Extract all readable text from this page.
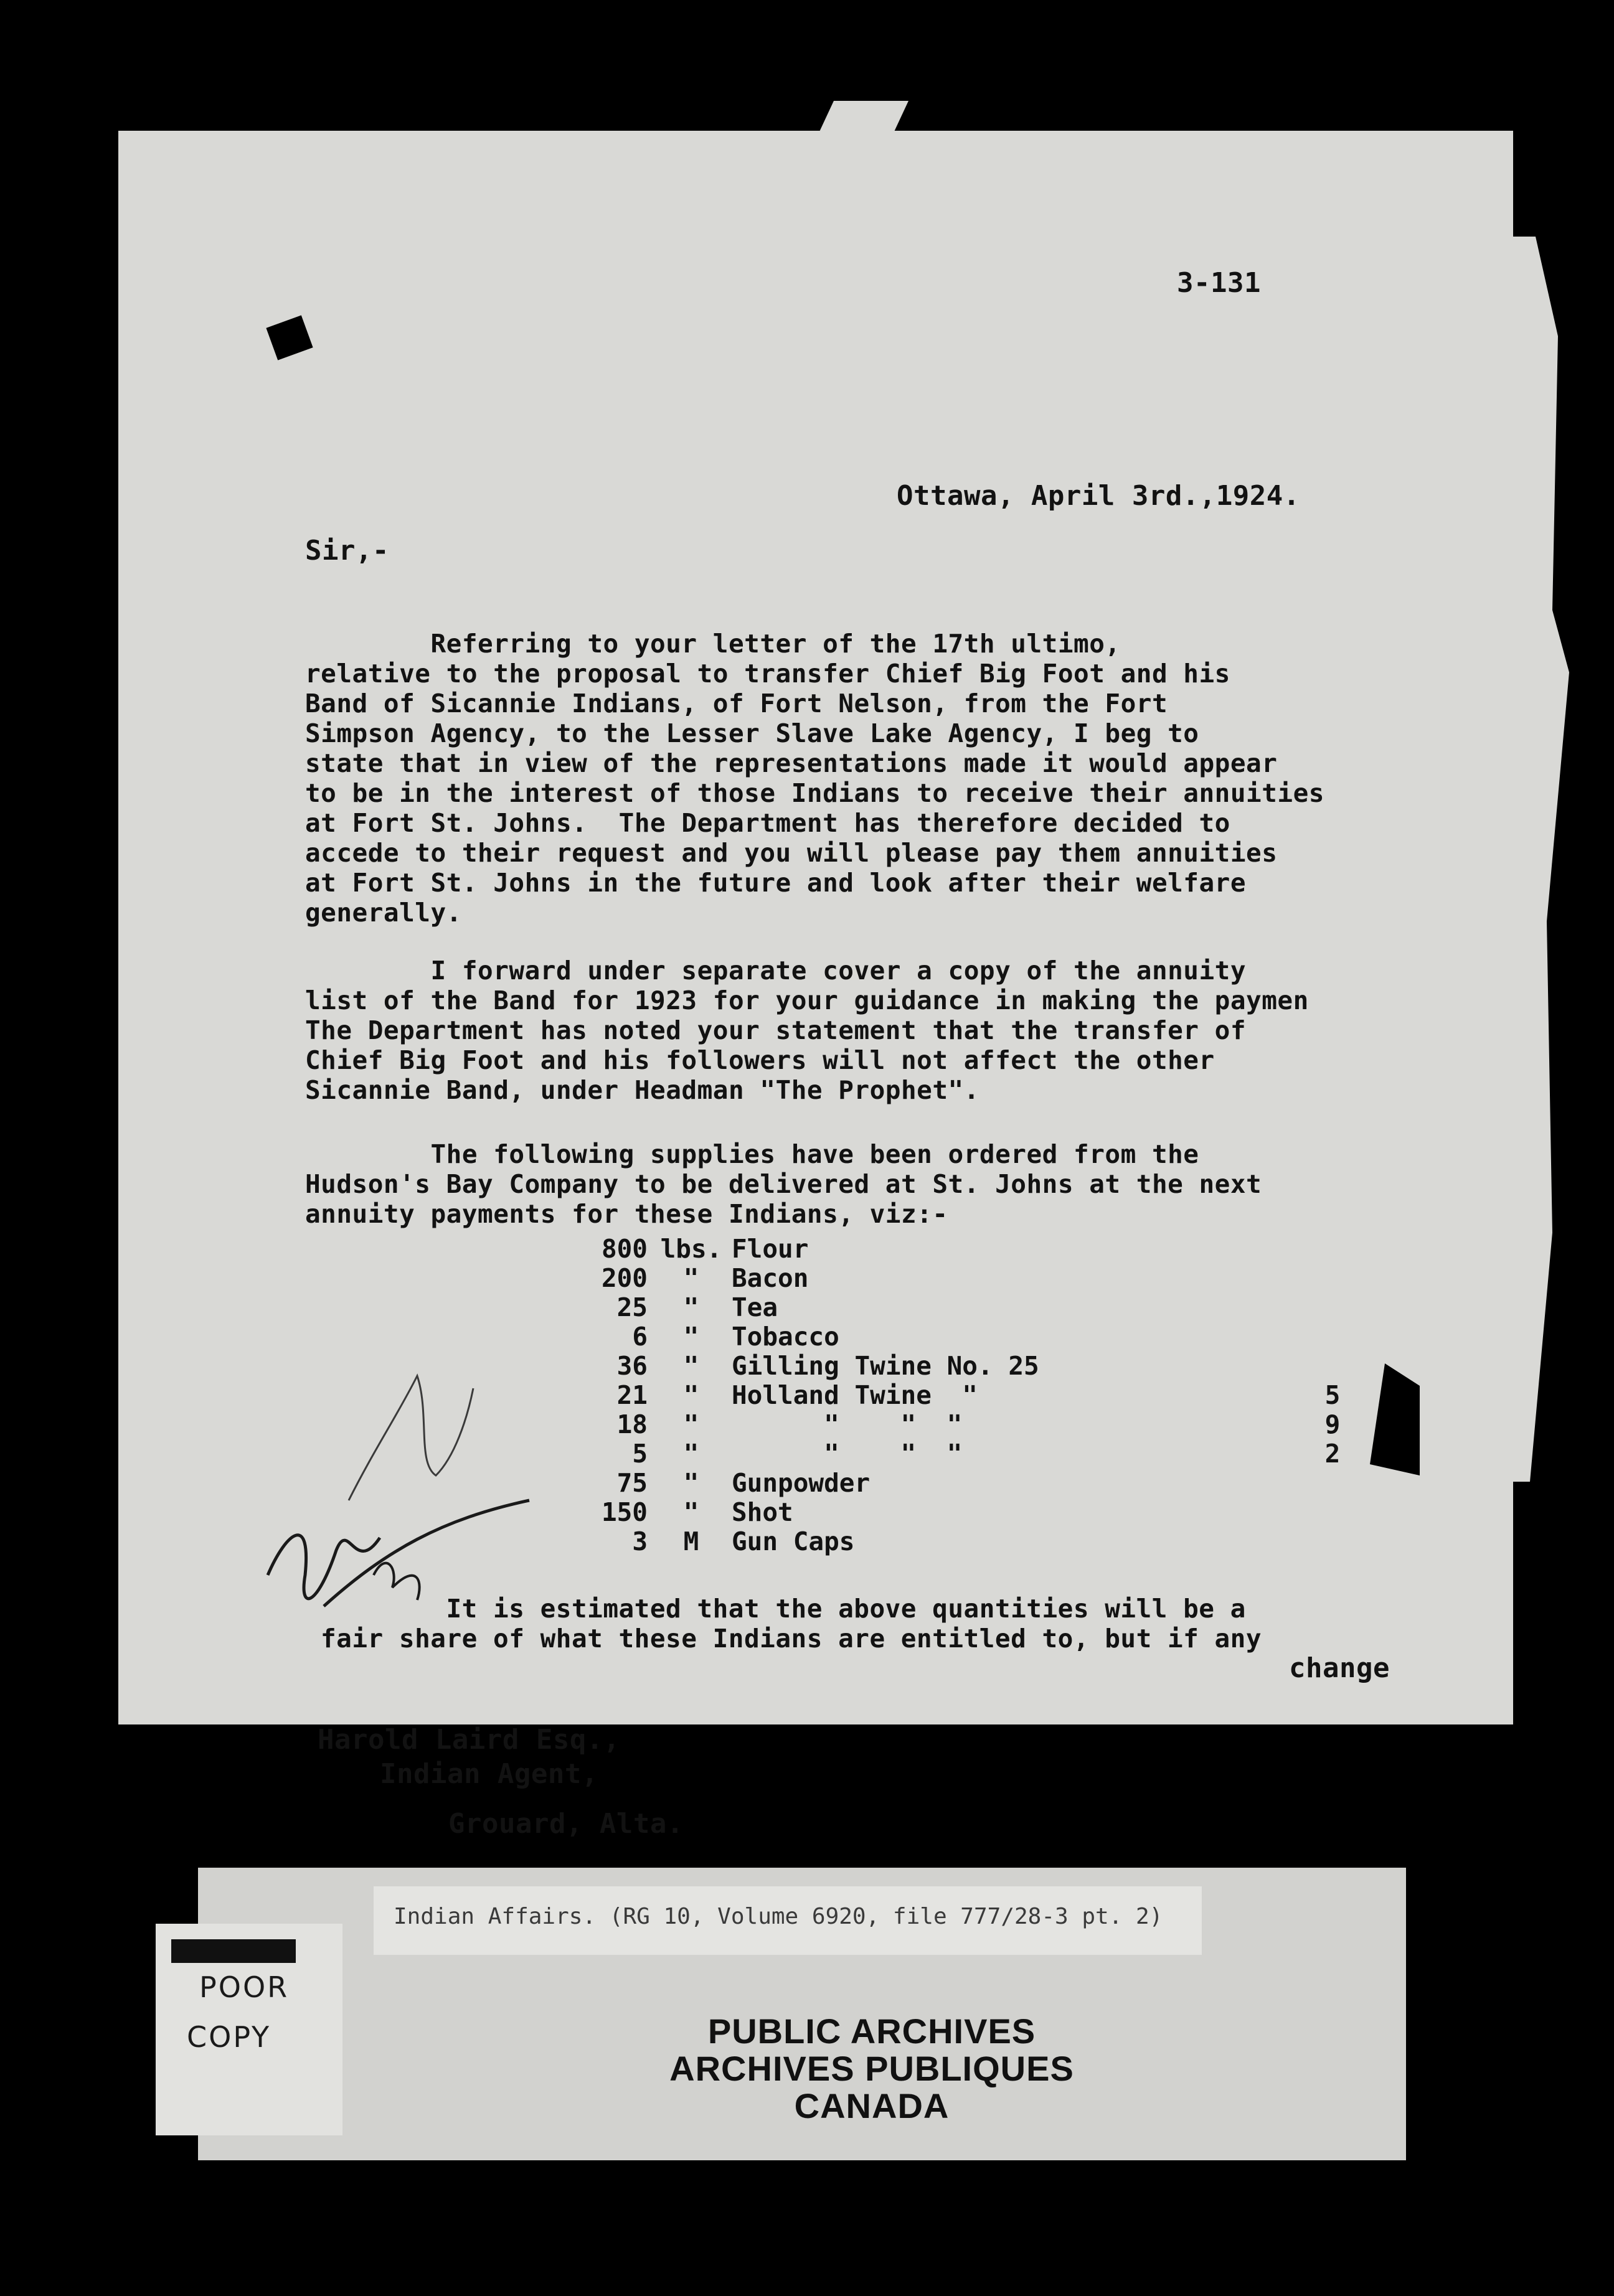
3-131
Ottawa, April 3rd.,1924.
Sir,-
Referring to your letter of the 17th ultimo,
relative to the proposal to transfer Chief Big Foot and his
Band of Sicannie Indians, of Fort Nelson, from the Fort
Simpson Agency, to the Lesser Slave Lake Agency, I beg to
state that in view of the representations made it would appear
to be in the interest of those Indians to receive their annuities
at Fort St. Johns.  The Department has therefore decided to
accede to their request and you will please pay them annuities
at Fort St. Johns in the future and look after their welfare
generally.
I forward under separate cover a copy of the annuity
list of the Band for 1923 for your guidance in making the paymen
The Department has noted your statement that the transfer of
Chief Big Foot and his followers will not affect the other
Sicannie Band, under Headman "The Prophet".
The following supplies have been ordered from the
Hudson's Bay Company to be delivered at St. Johns at the next
annuity payments for these Indians, viz:-
800 lbs. Flour
200	"	Bacon
25	"	Tea
6	"	Tobacco
36	"	Gilling Twine No. 25
21	"	Holland Twine  "	5
18	"	"    "  "	9
5	"	"    "  "	2
75	"	Gunpowder
150	"	Shot
3	M	Gun Caps
It is estimated that the above quantities will be a
fair share of what these Indians are entitled to, but if any
change
Harold Laird Esq.,
Indian Agent,
Grouard, Alta.
POOR
COPY
Indian Affairs. (RG 10, Volume 6920, file 777/28-3 pt. 2)
PUBLIC ARCHIVES
ARCHIVES PUBLIQUES
CANADA
